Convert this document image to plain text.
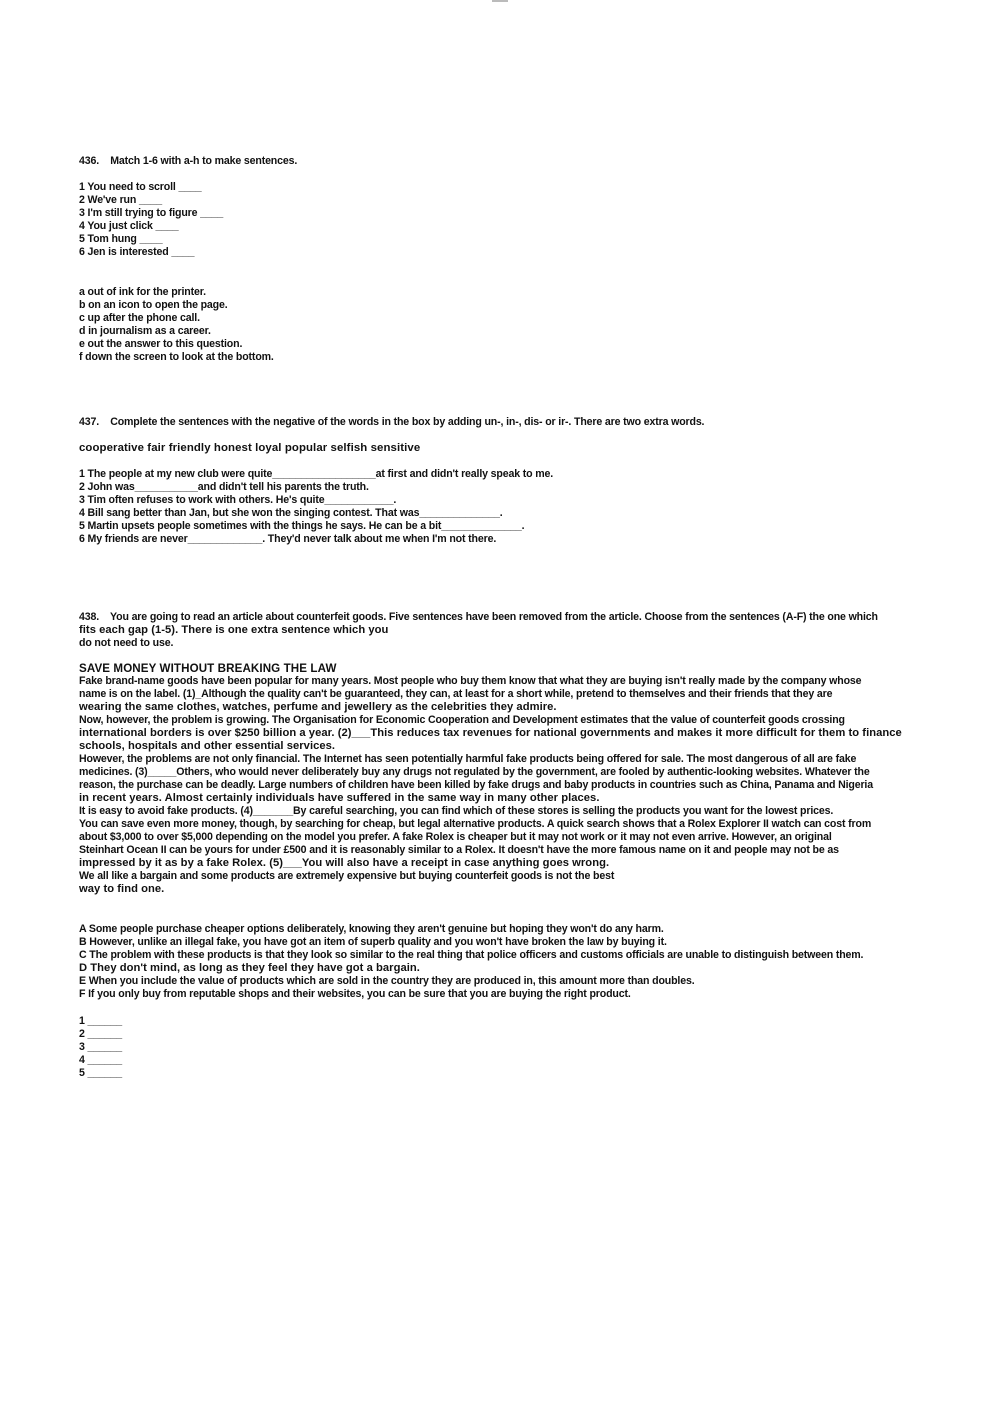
436.    Match 1-6 with a-h to make sentences.
1 You need to scroll ____
2 We've run ____
3 I'm still trying to figure ____
4 You just click ____
5 Tom hung ____
6 Jen is interested ____
a out of ink for the printer.
b on an icon to open the page.
c up after the phone call.
d in journalism as a career.
e out the answer to this question.
f down the screen to look at the bottom.
437.    Complete the sentences with the negative of the words in the box by adding un-, in-, dis- or ir-. There are two extra words.
cooperative fair friendly honest loyal popular selfish sensitive
1 The people at my new club were quite__________________at first and didn't really speak to me.
2 John was___________and didn't tell his parents the truth.
3 Tim often refuses to work with others. He's quite____________.
4 Bill sang better than Jan, but she won the singing contest. That was______________.
5 Martin upsets people sometimes with the things he says. He can be a bit______________.
6 My friends are never_____________. They'd never talk about me when I'm not there.
438.    You are going to read an article about counterfeit goods. Five sentences have been removed from the article. Choose from the sentences (A-F) the one which
fits each gap (1-5). There is one extra sentence which you
do not need to use.
SAVE MONEY WITHOUT BREAKING THE LAW
Fake brand-name goods have been popular for many years. Most people who buy them know that what they are buying isn't really made by the company whose
name is on the label. (1)_Although the quality can't be guaranteed, they can, at least for a short while, pretend to themselves and their friends that they are
wearing the same clothes, watches, perfume and jewellery as the celebrities they admire.
Now, however, the problem is growing. The Organisation for Economic Cooperation and Development estimates that the value of counterfeit goods crossing
international borders is over $250 billion a year. (2)___This reduces tax revenues for national governments and makes it more difficult for them to finance
schools, hospitals and other essential services.
However, the problems are not only financial. The Internet has seen potentially harmful fake products being offered for sale. The most dangerous of all are fake
medicines. (3)_____Others, who would never deliberately buy any drugs not regulated by the government, are fooled by authentic-looking websites. Whatever the
reason, the purchase can be deadly. Large numbers of children have been killed by fake drugs and baby products in countries such as China, Panama and Nigeria
in recent years. Almost certainly individuals have suffered in the same way in many other places.
It is easy to avoid fake products. (4)_______By careful searching, you can find which of these stores is selling the products you want for the lowest prices.
You can save even more money, though, by searching for cheap, but legal alternative products. A quick search shows that a Rolex Explorer II watch can cost from
about $3,000 to over $5,000 depending on the model you prefer. A fake Rolex is cheaper but it may not work or it may not even arrive. However, an original
Steinhart Ocean II can be yours for under £500 and it is reasonably similar to a Rolex. It doesn't have the more famous name on it and people may not be as
impressed by it as by a fake Rolex. (5)___You will also have a receipt in case anything goes wrong.
We all like a bargain and some products are extremely expensive but buying counterfeit goods is not the best
way to find one.
A Some people purchase cheaper options deliberately, knowing they aren't genuine but hoping they won't do any harm.
B However, unlike an illegal fake, you have got an item of superb quality and you won't have broken the law by buying it.
C The problem with these products is that they look so similar to the real thing that police officers and customs officials are unable to distinguish between them.
D They don't mind, as long as they feel they have got a bargain.
E When you include the value of products which are sold in the country they are produced in, this amount more than doubles.
F If you only buy from reputable shops and their websites, you can be sure that you are buying the right product.
1 ______
2 ______
3 ______
4 ______
5 ______
